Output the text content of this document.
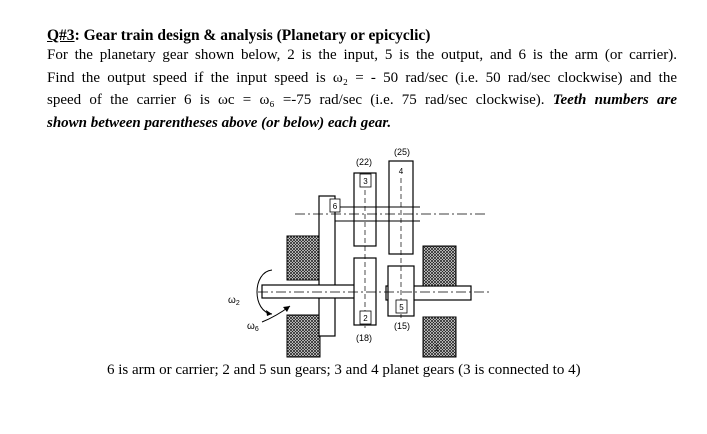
Q#3: Gear train design & analysis (Planetary or epicyclic)
For the planetary gear shown below, 2 is the input, 5 is the output, and 6 is the arm (or carrier).
Find the output speed if the input speed is ω₂ = - 50 rad/sec (i.e. 50 rad/sec clockwise) and the
speed of the carrier 6 is ωc = ω₆ =-75 rad/sec (i.e. 75 rad/sec clockwise). Teeth numbers are
shown between parentheses above (or below) each gear.
6
3
4
2
5
1
(22)
(25)
(18)
(15)
$\omega_2$
$\omega_6$
6 is arm or carrier; 2 and 5 sun gears; 3 and 4 planet gears (3 is connected to 4)
